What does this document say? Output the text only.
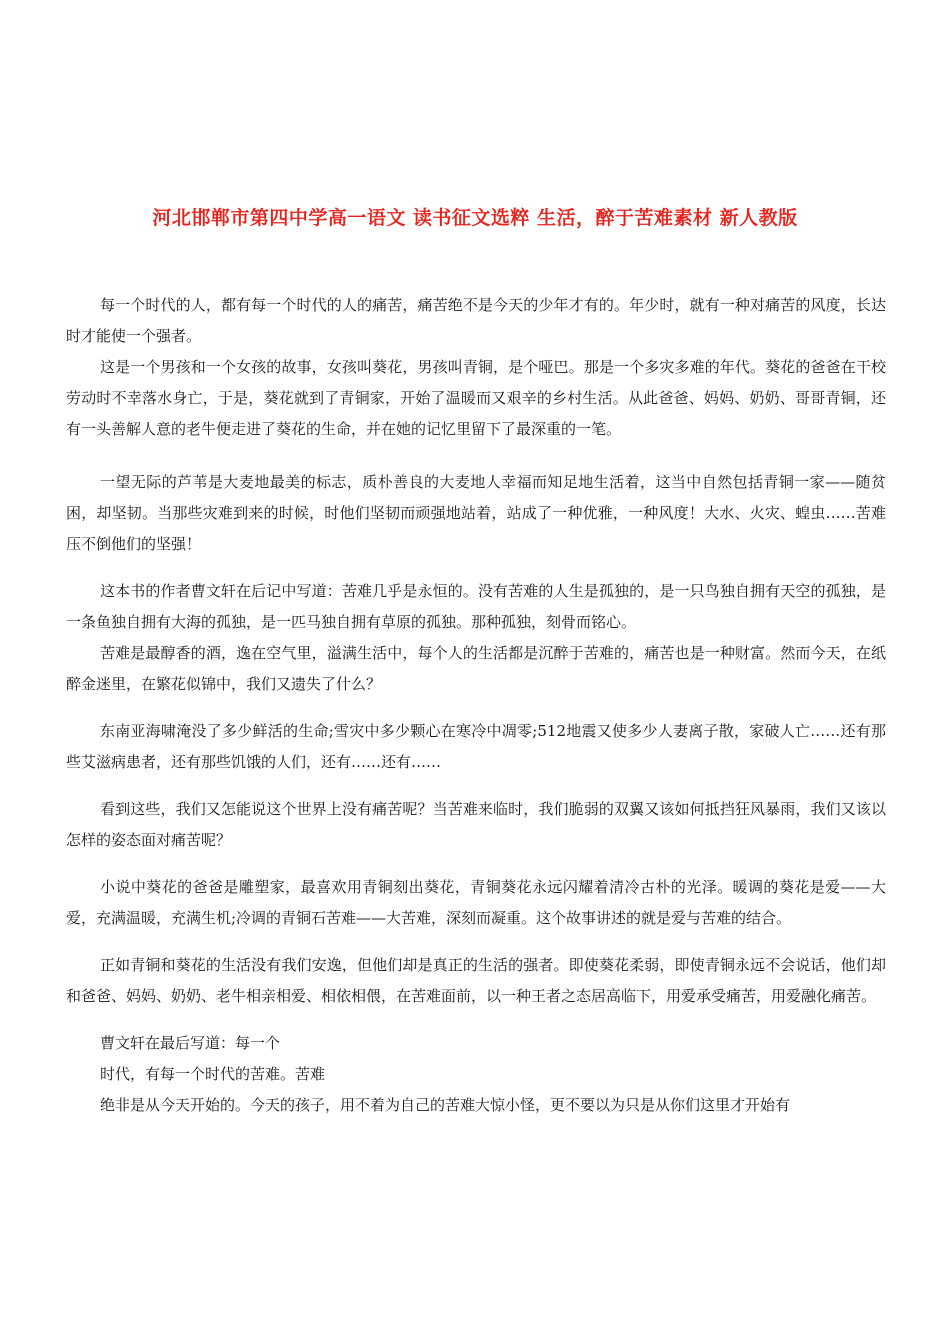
河北邯郸市第四中学高一语文 读书征文选粹 生活，醉于苦难素材 新人教版

每一个时代的人，都有每一个时代的人的痛苦，痛苦绝不是今天的少年才有的。年少时，就有一种对痛苦的风度，长达时才能使一个强者。

这是一个男孩和一个女孩的故事，女孩叫葵花，男孩叫青铜，是个哑巴。那是一个多灾多难的年代。葵花的爸爸在干校劳动时不幸落水身亡，于是，葵花就到了青铜家，开始了温暖而又艰辛的乡村生活。从此爸爸、妈妈、奶奶、哥哥青铜，还有一头善解人意的老牛便走进了葵花的生命，并在她的记忆里留下了最深重的一笔。

一望无际的芦苇是大麦地最美的标志，质朴善良的大麦地人幸福而知足地生活着，这当中自然包括青铜一家——随贫困，却坚韧。当那些灾难到来的时候，时他们坚韧而顽强地站着，站成了一种优雅，一种风度！大水、火灾、蝗虫……苦难压不倒他们的坚强！

这本书的作者曹文轩在后记中写道：苦难几乎是永恒的。没有苦难的人生是孤独的，是一只鸟独自拥有天空的孤独，是一条鱼独自拥有大海的孤独，是一匹马独自拥有草原的孤独。那种孤独，刻骨而铭心。

苦难是最醇香的酒，逸在空气里，溢满生活中，每个人的生活都是沉醉于苦难的，痛苦也是一种财富。然而今天，在纸醉金迷里，在繁花似锦中，我们又遗失了什么？

东南亚海啸淹没了多少鲜活的生命;雪灾中多少颗心在寒冷中凋零;512地震又使多少人妻离子散，家破人亡……还有那些艾滋病患者，还有那些饥饿的人们，还有……还有……

看到这些，我们又怎能说这个世界上没有痛苦呢？当苦难来临时，我们脆弱的双翼又该如何抵挡狂风暴雨，我们又该以怎样的姿态面对痛苦呢？

小说中葵花的爸爸是雕塑家，最喜欢用青铜刻出葵花，青铜葵花永远闪耀着清冷古朴的光泽。暖调的葵花是爱——大爱，充满温暖，充满生机;冷调的青铜石苦难——大苦难，深刻而凝重。这个故事讲述的就是爱与苦难的结合。

正如青铜和葵花的生活没有我们安逸，但他们却是真正的生活的强者。即使葵花柔弱，即使青铜永远不会说话，他们却和爸爸、妈妈、奶奶、老牛相亲相爱、相依相偎，在苦难面前，以一种王者之态居高临下，用爱承受痛苦，用爱融化痛苦。

曹文轩在最后写道：每一个

时代，有每一个时代的苦难。苦难

绝非是从今天开始的。今天的孩子，用不着为自己的苦难大惊小怪，更不要以为只是从你们这里才开始有
